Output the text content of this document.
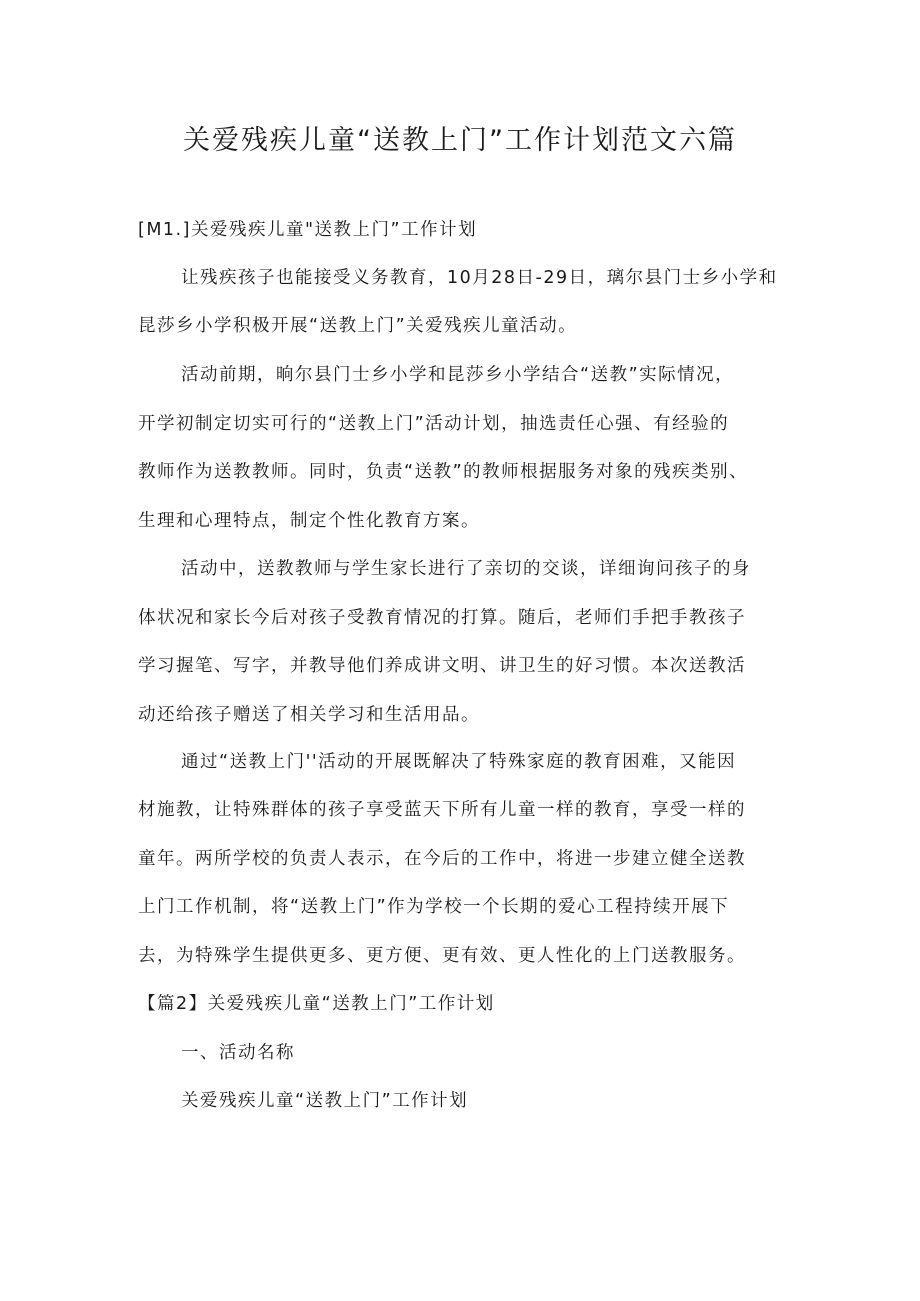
关爱残疾儿童“送教上门”工作计划范文六篇

[M1.]关爱残疾儿童"送教上门”工作计划

让残疾孩子也能接受义务教育，10月28日-29日，璃尔县门士乡小学和

昆莎乡小学积极开展“送教上门”关爱残疾儿童活动。

活动前期，晌尔县门士乡小学和昆莎乡小学结合“送教”实际情况，

开学初制定切实可行的“送教上门”活动计划，抽选责任心强、有经验的

教师作为送教教师。同时，负责“送教”的教师根据服务对象的残疾类别、

生理和心理特点，制定个性化教育方案。

活动中，送教教师与学生家长进行了亲切的交谈，详细询问孩子的身

体状况和家长今后对孩子受教育情况的打算。随后，老师们手把手教孩子

学习握笔、写字，并教导他们养成讲文明、讲卫生的好习惯。本次送教活

动还给孩子赠送了相关学习和生活用品。

通过“送教上门''活动的开展既解决了特殊家庭的教育困难，又能因

材施教，让特殊群体的孩子享受蓝天下所有儿童一样的教育，享受一样的

童年。两所学校的负责人表示，在今后的工作中，将进一步建立健全送教

上门工作机制，将“送教上门”作为学校一个长期的爱心工程持续开展下

去，为特殊学生提供更多、更方便、更有效、更人性化的上门送教服务。

【篇2】关爱残疾儿童“送教上门”工作计划

一、活动名称

关爱残疾儿童“送教上门”工作计划
